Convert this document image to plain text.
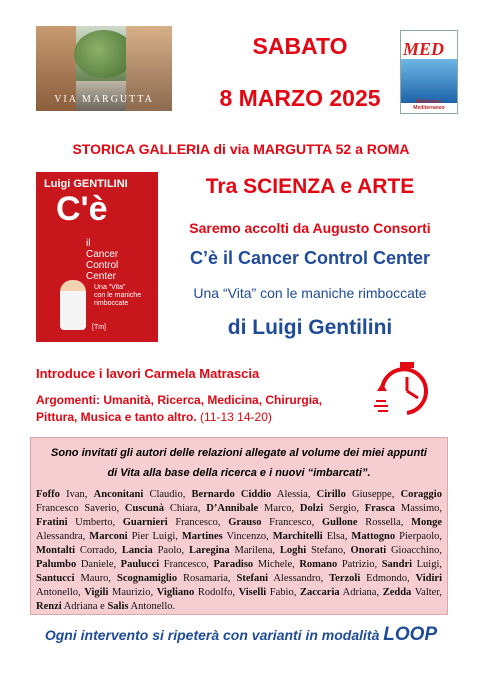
VIA MARGUTTA
SABATO
8 MARZO 2025
MED
Medicina e Mediterraneo
STORICA GALLERIA di via MARGUTTA 52 a ROMA
Luigi GENTILINI
C'è
il
Cancer
Control
Center
Una “Vita”
con le maniche
rimboccate
[Tm]
Tra SCIENZA e ARTE
Saremo accolti da Augusto Consorti
C’è il Cancer Control Center
Una “Vita” con le maniche rimboccate
di Luigi Gentilini
Introduce i lavori Carmela Matrascia
Argomenti: Umanità, Ricerca, Medicina, Chirurgia,
Pittura, Musica e tanto altro. (11-13 14-20)
Sono invitati gli autori delle relazioni allegate al volume dei miei appunti
di Vita alla base della ricerca e i nuovi “imbarcati”.
Foffo Ivan, Anconitani Claudio, Bernardo Ciddio Alessia, Cirillo Giuseppe, Coraggio Francesco Saverio, Cuscunà Chiara, D’Annibale Marco, Dolzi Sergio, Frasca Massimo, Fratini Umberto, Guarnieri Francesco, Grauso Francesco, Gullone Rossella, Monge Alessandra, Marconi Pier Luigi, Martines Vincenzo, Marchitelli Elsa, Mattogno Pierpaolo, Montalti Corrado, Lancia Paolo, Laregina Marilena, Loghi Stefano, Onorati Gioacchino, Palumbo Daniele, Paulucci Francesco, Paradiso Michele, Romano Patrizio, Sandri Luigi, Santucci Mauro, Scognamiglio Rosamaria, Stefani Alessandro, Terzoli Edmondo, Vidiri Antonello, Vigili Maurizio, Vigliano Rodolfo, Viselli Fabio, Zaccaria Adriana, Zedda Valter, Renzi Adriana e Salis Antonello.
Ogni intervento si ripeterà con varianti in modalità LOOP
